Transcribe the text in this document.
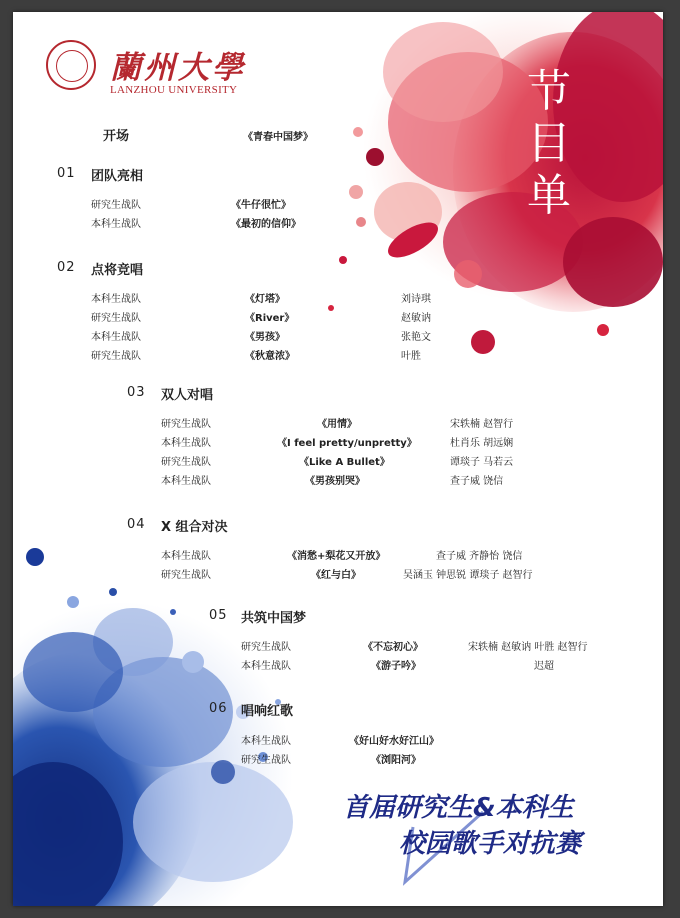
蘭州大學
LANZHOU UNIVERSITY	节
目
单
开场	《青春中国梦》
01 团队亮相
研究生战队	《牛仔很忙》
本科生战队	《最初的信仰》
02 点将竞唱
本科生战队	《灯塔》	刘诗琪
研究生战队	《River》	赵敏讷
本科生战队	《男孩》	张艳文
研究生战队	《秋意浓》	叶胜
03 双人对唱
研究生战队	《用情》	宋轶楠 赵智行
本科生战队	《I feel pretty/unpretty》	杜肖乐 胡远娴
研究生战队	《Like A Bullet》	谭琰子 马若云
本科生战队	《男孩别哭》	查子威 饶信
04 X 组合对决
本科生战队	《消愁+梨花又开放》	查子威 齐静怡 饶信
研究生战队	《红与白》	吴涵玉 钟思锐 谭琰子 赵智行
05 共筑中国梦
研究生战队	《不忘初心》	宋轶楠 赵敏讷 叶胜 赵智行
本科生战队	《游子吟》	迟超
06 唱响红歌
本科生战队	《好山好水好江山》
研究生战队	《浏阳河》
首届研究生&本科生
校园歌手对抗赛
